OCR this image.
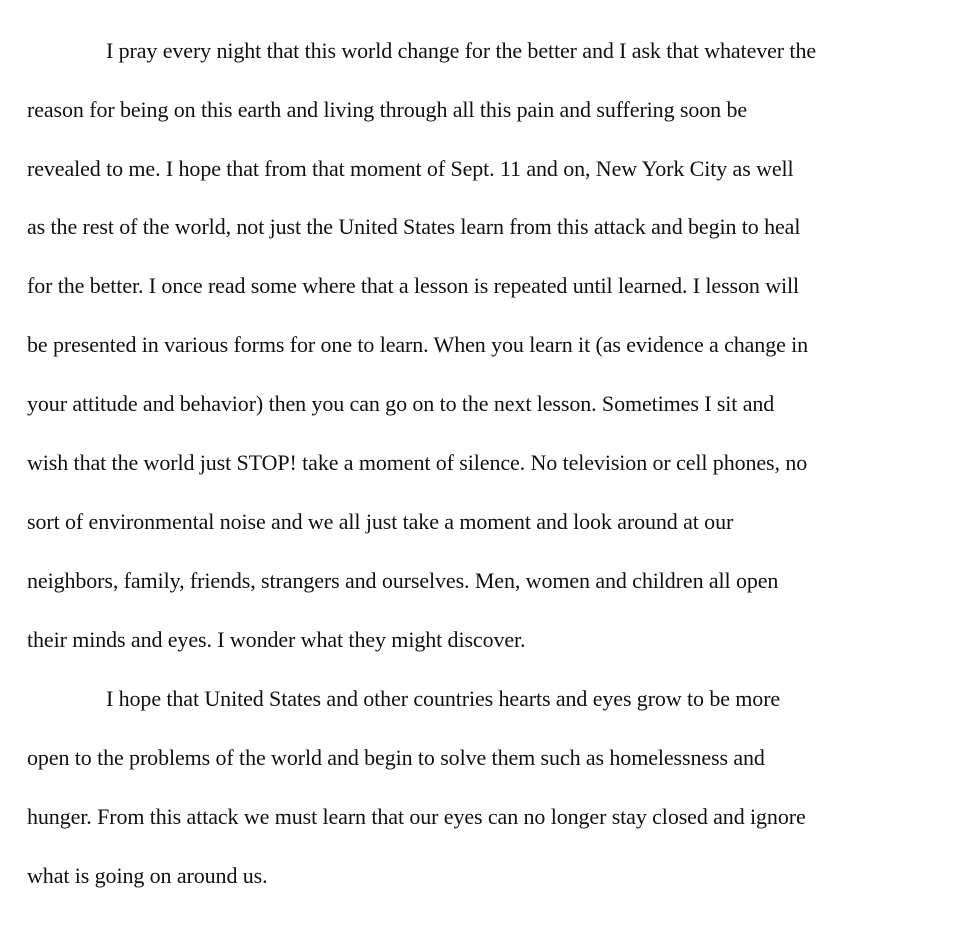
I pray every night that this world change for the better and I ask that whatever the

reason for being on this earth and living through all this pain and suffering soon be

revealed to me. I hope that from that moment of Sept. 11 and on, New York City as well

as the rest of the world, not just the United States learn from this attack and begin to heal

for the better. I once read some where that a lesson is repeated until learned. I lesson will

be presented in various forms for one to learn. When you learn it (as evidence a change in

your attitude and behavior) then you can go on to the next lesson. Sometimes I sit and

wish that the world just STOP! take a moment of silence. No television or cell phones, no

sort of environmental noise and we all just take a moment and look around at our

neighbors, family, friends, strangers and ourselves. Men, women and children all open

their minds and eyes. I wonder what they might discover.

I hope that United States and other countries hearts and eyes grow to be more

open to the problems of the world and begin to solve them such as homelessness and

hunger. From this attack we must learn that our eyes can no longer stay closed and ignore

what is going on around us.
